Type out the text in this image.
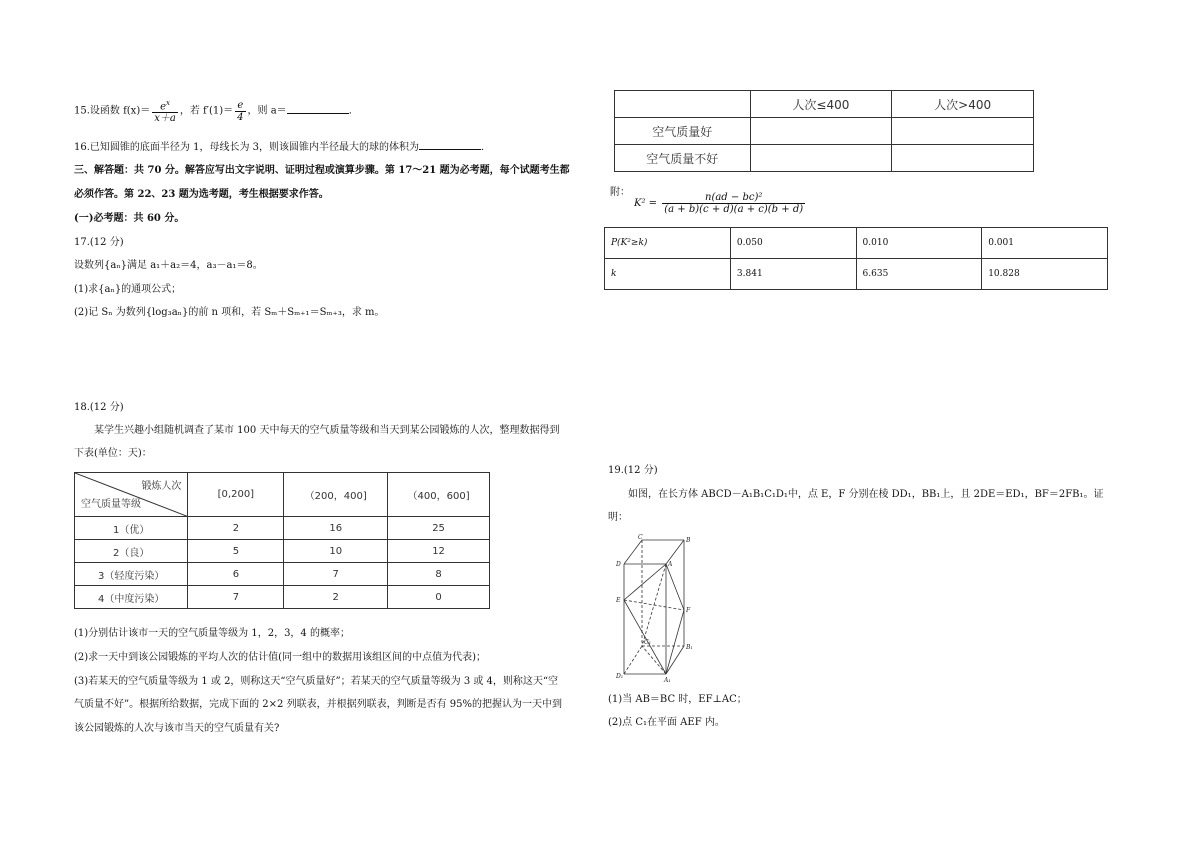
15.设函数 $f(x)= \frac{e^x}{x+a}$ ，若 $f'(1)= \frac{e}{4}$ ，则 a＝	．
16.已知圆锥的底面半径为 1，母线长为 3，则该圆锥内半径最大的球的体积为	．
三、解答题：共 70 分。解答应写出文字说明、证明过程或演算步骤。第 17～21 题为必考题，每个试题考生都
必须作答。第 22、23 题为选考题，考生根据要求作答。
(一)必考题：共 60 分。
17.(12 分)
设数列{aₙ}满足 a₁＋a₂＝4，a₃－a₁＝8。
(1)求{aₙ}的通项公式；
(2)记 Sₙ 为数列{log₃aₙ}的前 n 项和，若 Sₘ＋Sₘ₊₁＝Sₘ₊₃，求 m。
18.(12 分)
某学生兴趣小组随机调查了某市 100 天中每天的空气质量等级和当天到某公园锻炼的人次，整理数据得到
下表(单位：天)：
锻炼人次
空气质量等级	[0,200]	（200，400]	（400，600]
1（优）	2	16	25
2（良）	5	10	12
3（轻度污染）	6	7	8
4（中度污染）	7	2	0
(1)分别估计该市一天的空气质量等级为 1，2，3，4 的概率；
(2)求一天中到该公园锻炼的平均人次的估计值(同一组中的数据用该组区间的中点值为代表)；
(3)若某天的空气质量等级为 1 或 2，则称这天“空气质量好”；若某天的空气质量等级为 3 或 4，则称这天“空
气质量不好”。根据所给数据，完成下面的 2×2 列联表，并根据列联表，判断是否有 95%的把握认为一天中到
该公园锻炼的人次与该市当天的空气质量有关?
	人次≤400	人次>400
空气质量好		
空气质量不好		
附：
$K^2 = \frac{\text{n(ad − bc)²}}{(a + b)(c + d)(a + c)(b + d)}$
P(K²≥k)	0.050	0.010	0.001
k	3.841	6.635	10.828
19.(12 分)
如图，在长方体 ABCD－A₁B₁C₁D₁中，点 E，F 分别在棱 DD₁，BB₁上，且 2DE＝ED₁，BF＝2FB₁。证
明：
C	B
D	A
E
F
C₁
B₁
D₁
A₁
(1)当 AB＝BC 时，EF⊥AC；
(2)点 C₁在平面 AEF 内。
